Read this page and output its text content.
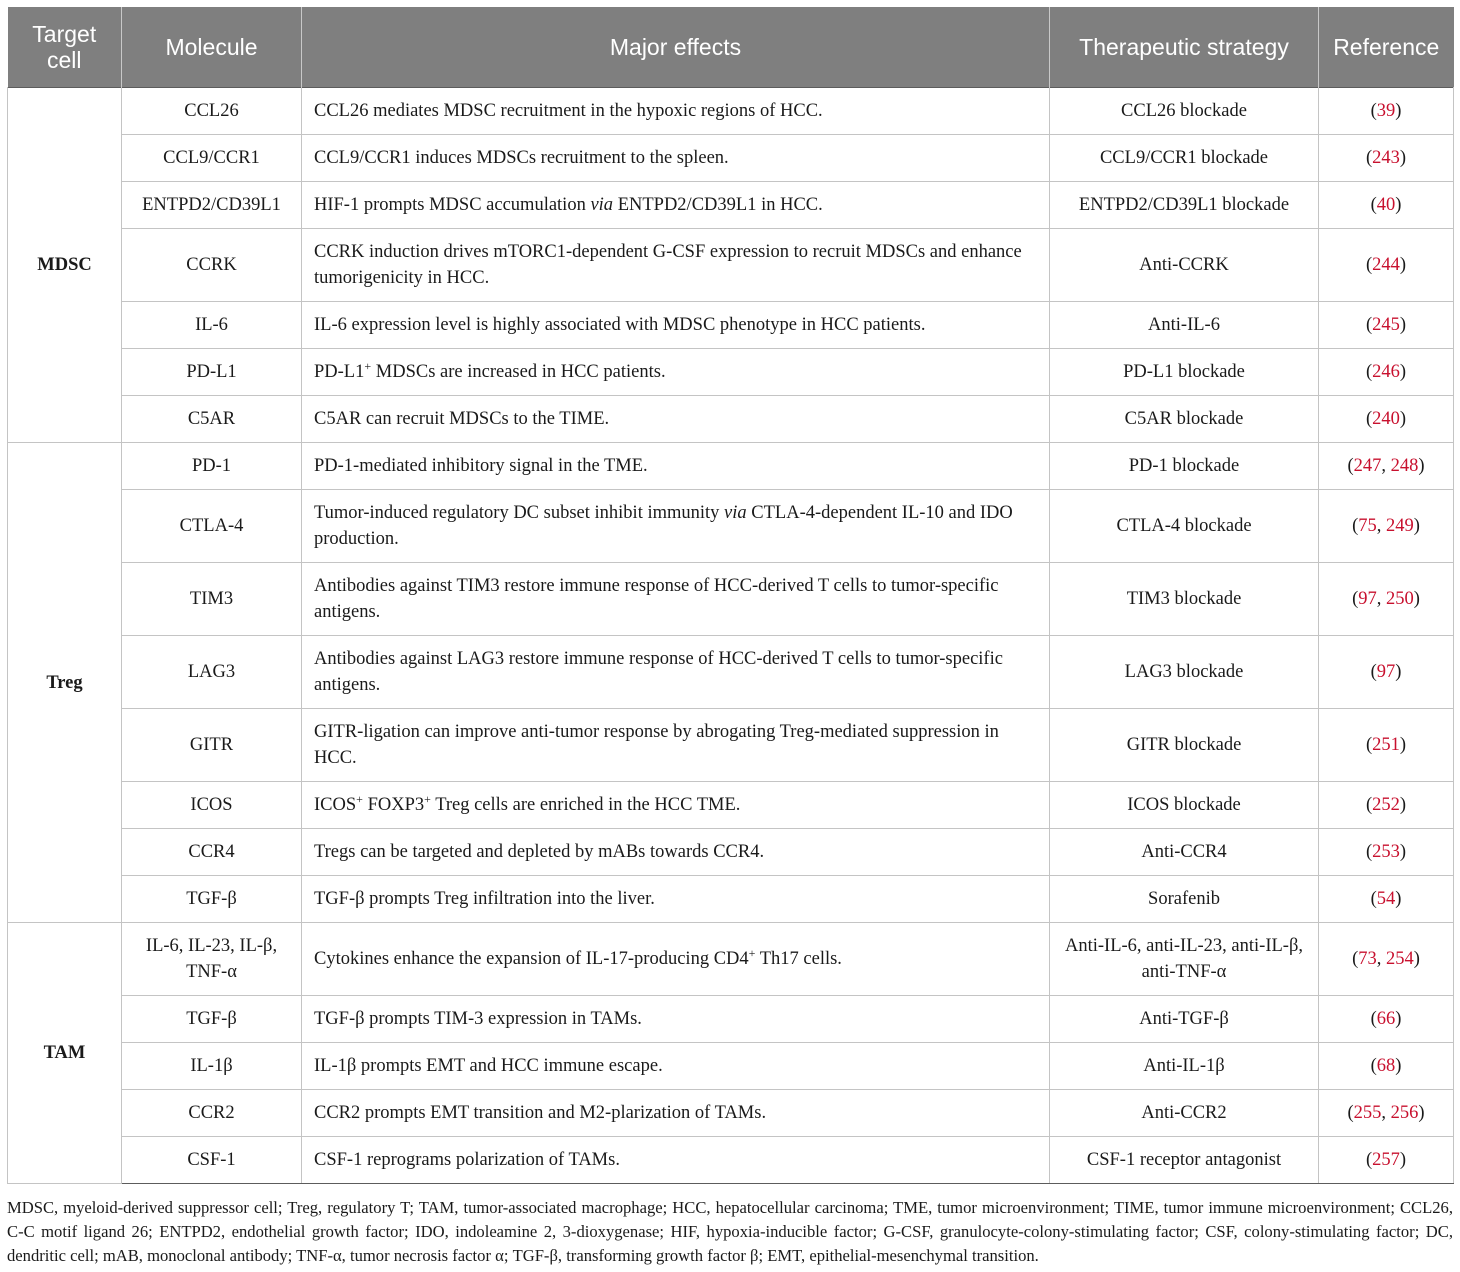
Target cell	Molecule	Major effects	Therapeutic strategy	Reference
MDSC	CCL26	CCL26 mediates MDSC recruitment in the hypoxic regions of HCC.	CCL26 blockade	(39)
	CCL9/CCR1	CCL9/CCR1 induces MDSCs recruitment to the spleen.	CCL9/CCR1 blockade	(243)
	ENTPD2/CD39L1	HIF-1 prompts MDSC accumulation via ENTPD2/CD39L1 in HCC.	ENTPD2/CD39L1 blockade	(40)
	CCRK	CCRK induction drives mTORC1-dependent G-CSF expression to recruit MDSCs and enhance tumorigenicity in HCC.	Anti-CCRK	(244)
	IL-6	IL-6 expression level is highly associated with MDSC phenotype in HCC patients.	Anti-IL-6	(245)
	PD-L1	PD-L1+ MDSCs are increased in HCC patients.	PD-L1 blockade	(246)
	C5AR	C5AR can recruit MDSCs to the TIME.	C5AR blockade	(240)
Treg	PD-1	PD-1-mediated inhibitory signal in the TME.	PD-1 blockade	(247, 248)
	CTLA-4	Tumor-induced regulatory DC subset inhibit immunity via CTLA-4-dependent IL-10 and IDO production.	CTLA-4 blockade	(75, 249)
	TIM3	Antibodies against TIM3 restore immune response of HCC-derived T cells to tumor-specific antigens.	TIM3 blockade	(97, 250)
	LAG3	Antibodies against LAG3 restore immune response of HCC-derived T cells to tumor-specific antigens.	LAG3 blockade	(97)
	GITR	GITR-ligation can improve anti-tumor response by abrogating Treg-mediated suppression in HCC.	GITR blockade	(251)
	ICOS	ICOS+ FOXP3+ Treg cells are enriched in the HCC TME.	ICOS blockade	(252)
	CCR4	Tregs can be targeted and depleted by mABs towards CCR4.	Anti-CCR4	(253)
	TGF-β	TGF-β prompts Treg infiltration into the liver.	Sorafenib	(54)
TAM	IL-6, IL-23, IL-β, TNF-α	Cytokines enhance the expansion of IL-17-producing CD4+ Th17 cells.	Anti-IL-6, anti-IL-23, anti-IL-β, anti-TNF-α	(73, 254)
	TGF-β	TGF-β prompts TIM-3 expression in TAMs.	Anti-TGF-β	(66)
	IL-1β	IL-1β prompts EMT and HCC immune escape.	Anti-IL-1β	(68)
	CCR2	CCR2 prompts EMT transition and M2-plarization of TAMs.	Anti-CCR2	(255, 256)
	CSF-1	CSF-1 reprograms polarization of TAMs.	CSF-1 receptor antagonist	(257)
MDSC, myeloid-derived suppressor cell; Treg, regulatory T; TAM, tumor-associated macrophage; HCC, hepatocellular carcinoma; TME, tumor microenvironment; TIME, tumor immune microenvironment; CCL26, C-C motif ligand 26; ENTPD2, endothelial growth factor; IDO, indoleamine 2, 3-dioxygenase; HIF, hypoxia-inducible factor; G-CSF, granulocyte-colony-stimulating factor; CSF, colony-stimulating factor; DC, dendritic cell; mAB, monoclonal antibody; TNF-α, tumor necrosis factor α; TGF-β, transforming growth factor β; EMT, epithelial-mesenchymal transition.
